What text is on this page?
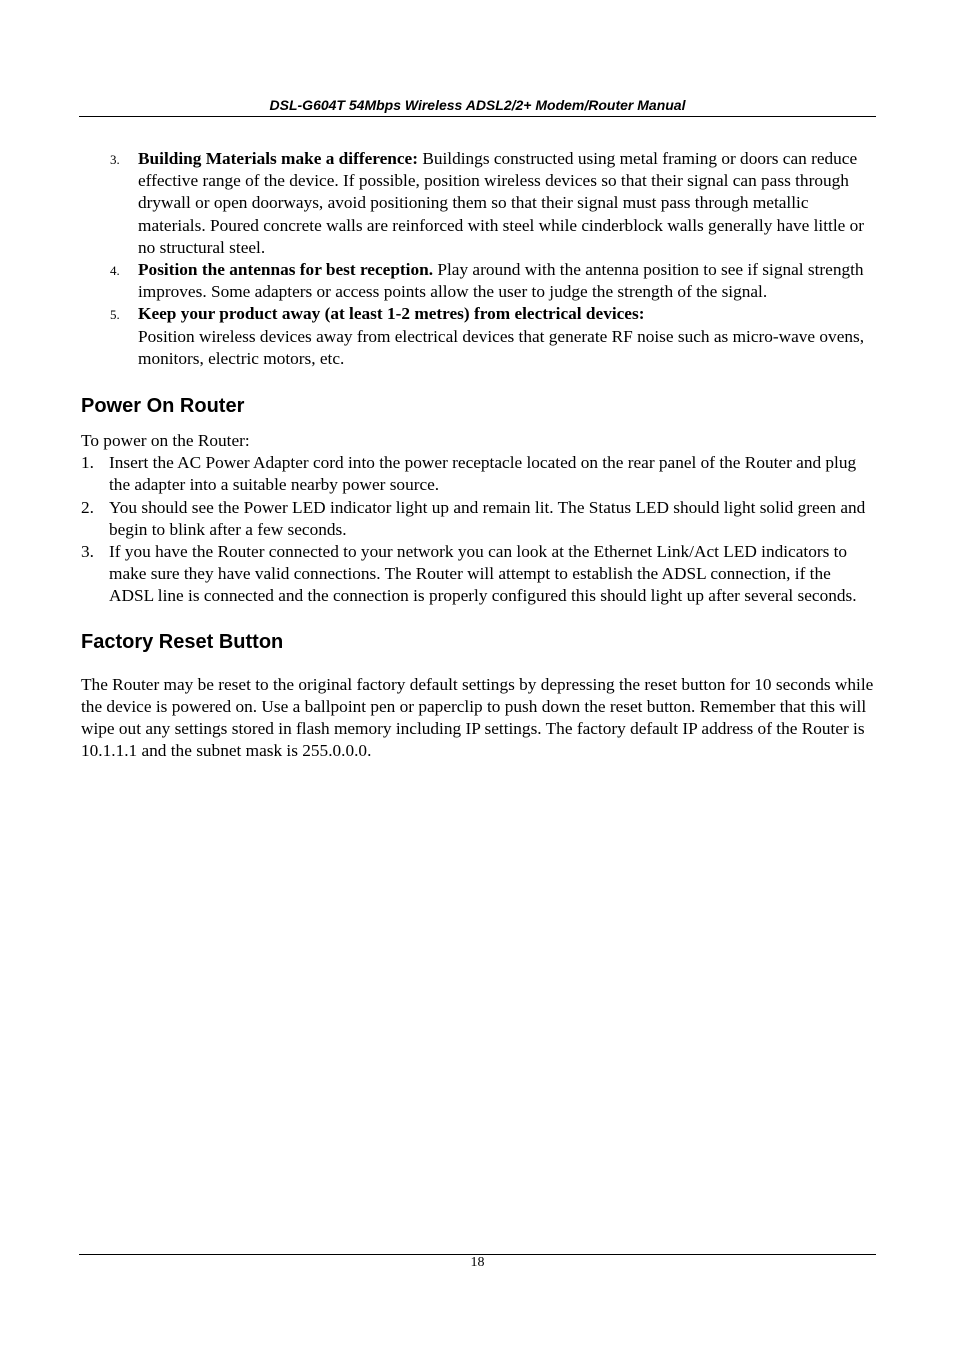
DSL-G604T 54Mbps Wireless ADSL2/2+ Modem/Router Manual
3. Building Materials make a difference: Buildings constructed using metal framing or doors can reduce effective range of the device. If possible, position wireless devices so that their signal can pass through drywall or open doorways, avoid positioning them so that their signal must pass through metallic materials. Poured concrete walls are reinforced with steel while cinderblock walls generally have little or no structural steel.
4. Position the antennas for best reception. Play around with the antenna position to see if signal strength improves. Some adapters or access points allow the user to judge the strength of the signal.
5. Keep your product away (at least 1-2 metres) from electrical devices:
Position wireless devices away from electrical devices that generate RF noise such as micro-wave ovens, monitors, electric motors, etc.
Power On Router

To power on the Router:

1. Insert the AC Power Adapter cord into the power receptacle located on the rear panel of the Router and plug the adapter into a suitable nearby power source.
2. You should see the Power LED indicator light up and remain lit. The Status LED should light solid green and begin to blink after a few seconds.
3. If you have the Router connected to your network you can look at the Ethernet Link/Act LED indicators to make sure they have valid connections. The Router will attempt to establish the ADSL connection, if the ADSL line is connected and the connection is properly configured this should light up after several seconds.
Factory Reset Button

The Router may be reset to the original factory default settings by depressing the reset button for 10 seconds while the device is powered on. Use a ballpoint pen or paperclip to push down the reset button. Remember that this will wipe out any settings stored in flash memory including IP settings. The factory default IP address of the Router is 10.1.1.1 and the subnet mask is 255.0.0.0.

18
